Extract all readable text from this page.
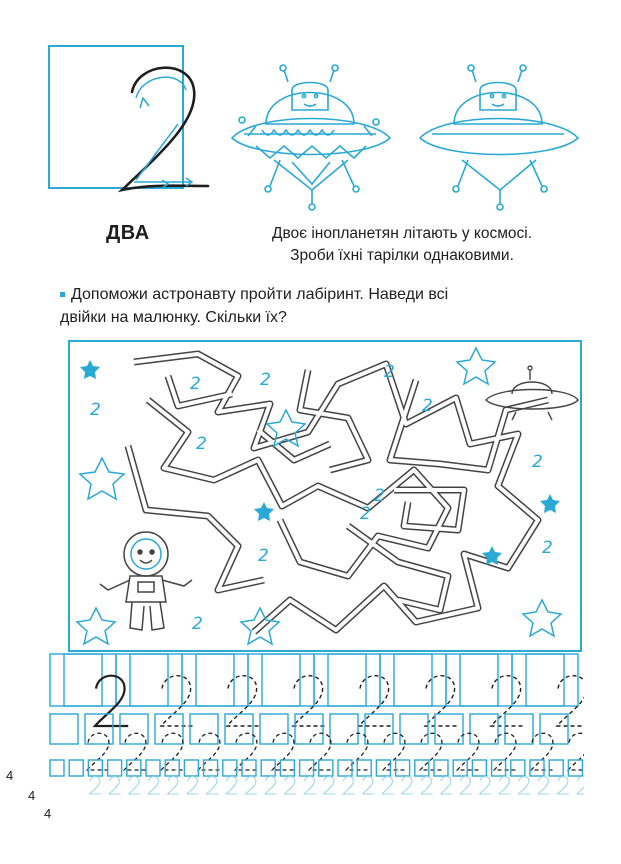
ДВА	Двоє інопланетян літають у космосі.
Зроби їхні тарілки однаковими.
Допоможи астронавту пройти лабіринт. Наведи всі
двійки на малюнку. Скільки їх?
2
2	2	2
2
2
2
2
2
2	2
2
4
4
4
